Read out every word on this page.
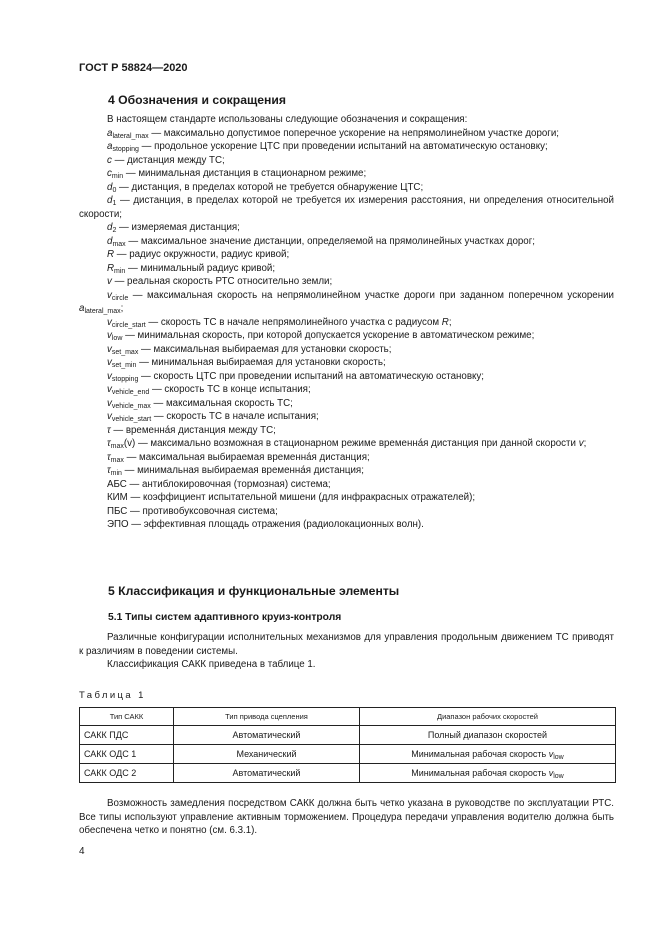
ГОСТ Р 58824—2020
4 Обозначения и сокращения

В настоящем стандарте использованы следующие обозначения и сокращения:

$a_{lateral\_max}$ — максимально допустимое поперечное ускорение на непрямолинейном участке дороги;

$a_{stopping}$ — продольное ускорение ЦТС при проведении испытаний на автоматическую остановку;

c — дистанция между ТС;

$c_{min}$ — минимальная дистанция в стационарном режиме;

$d_0$ — дистанция, в пределах которой не требуется обнаружение ЦТС;

$d_1$ — дистанция, в пределах которой не требуется их измерения расстояния, ни определения относительной скорости;

$d_2$ — измеряемая дистанция;

$d_{max}$ — максимальное значение дистанции, определяемой на прямолинейных участках дорог;

R — радиус окружности, радиус кривой;

$R_{min}$ — минимальный радиус кривой;

v — реальная скорость РТС относительно земли;

$v_{circle}$ — максимальная скорость на непрямолинейном участке дороги при заданном поперечном ускорении $a_{lateral\_max}$;

$v_{circle\_start}$ — скорость ТС в начале непрямолинейного участка с радиусом R;

$v_{low}$ — минимальная скорость, при которой допускается ускорение в автоматическом режиме;

$v_{set\_max}$ — максимальная выбираемая для установки скорость;

$v_{set\_min}$ — минимальная выбираемая для установки скорость;

$v_{stopping}$ — скорость ЦТС при проведении испытаний на автоматическую остановку;

$v_{vehicle\_end}$ — скорость ТС в конце испытания;

$v_{vehicle\_max}$ — максимальная скорость ТС;

$v_{vehicle\_start}$ — скорость ТС в начале испытания;

τ — временна́я дистанция между ТС;

$\tau_{max}(v)$ — максимально возможная в стационарном режиме временна́я дистанция при данной скорости v;

$\tau_{max}$ — максимальная выбираемая временна́я дистанция;

$\tau_{min}$ — минимальная выбираемая временна́я дистанция;

АБС — антиблокировочная (тормозная) система;

КИМ — коэффициент испытательной мишени (для инфракрасных отражателей);

ПБС — противобуксовочная система;

ЭПО — эффективная площадь отражения (радиолокационных волн).

5 Классификация и функциональные элементы
5.1 Типы систем адаптивного круиз-контроля

Различные конфигурации исполнительных механизмов для управления продольным движением ТС приводят к различиям в поведении системы.

Классификация САКК приведена в таблице 1.

Таблица 1
Тип САКК	Тип привода сцепления	Диапазон рабочих скоростей
САКК ПДС	Автоматический	Полный диапазон скоростей
САКК ОДС 1	Механический	Минимальная рабочая скорость $v_{low}$
САКК ОДС 2	Автоматический	Минимальная рабочая скорость $v_{low}$

Возможность замедления посредством САКК должна быть четко указана в руководстве по эксплуатации РТС. Все типы используют управление активным торможением. Процедура передачи управления водителю должна быть обеспечена четко и понятно (см. 6.3.1).

4
